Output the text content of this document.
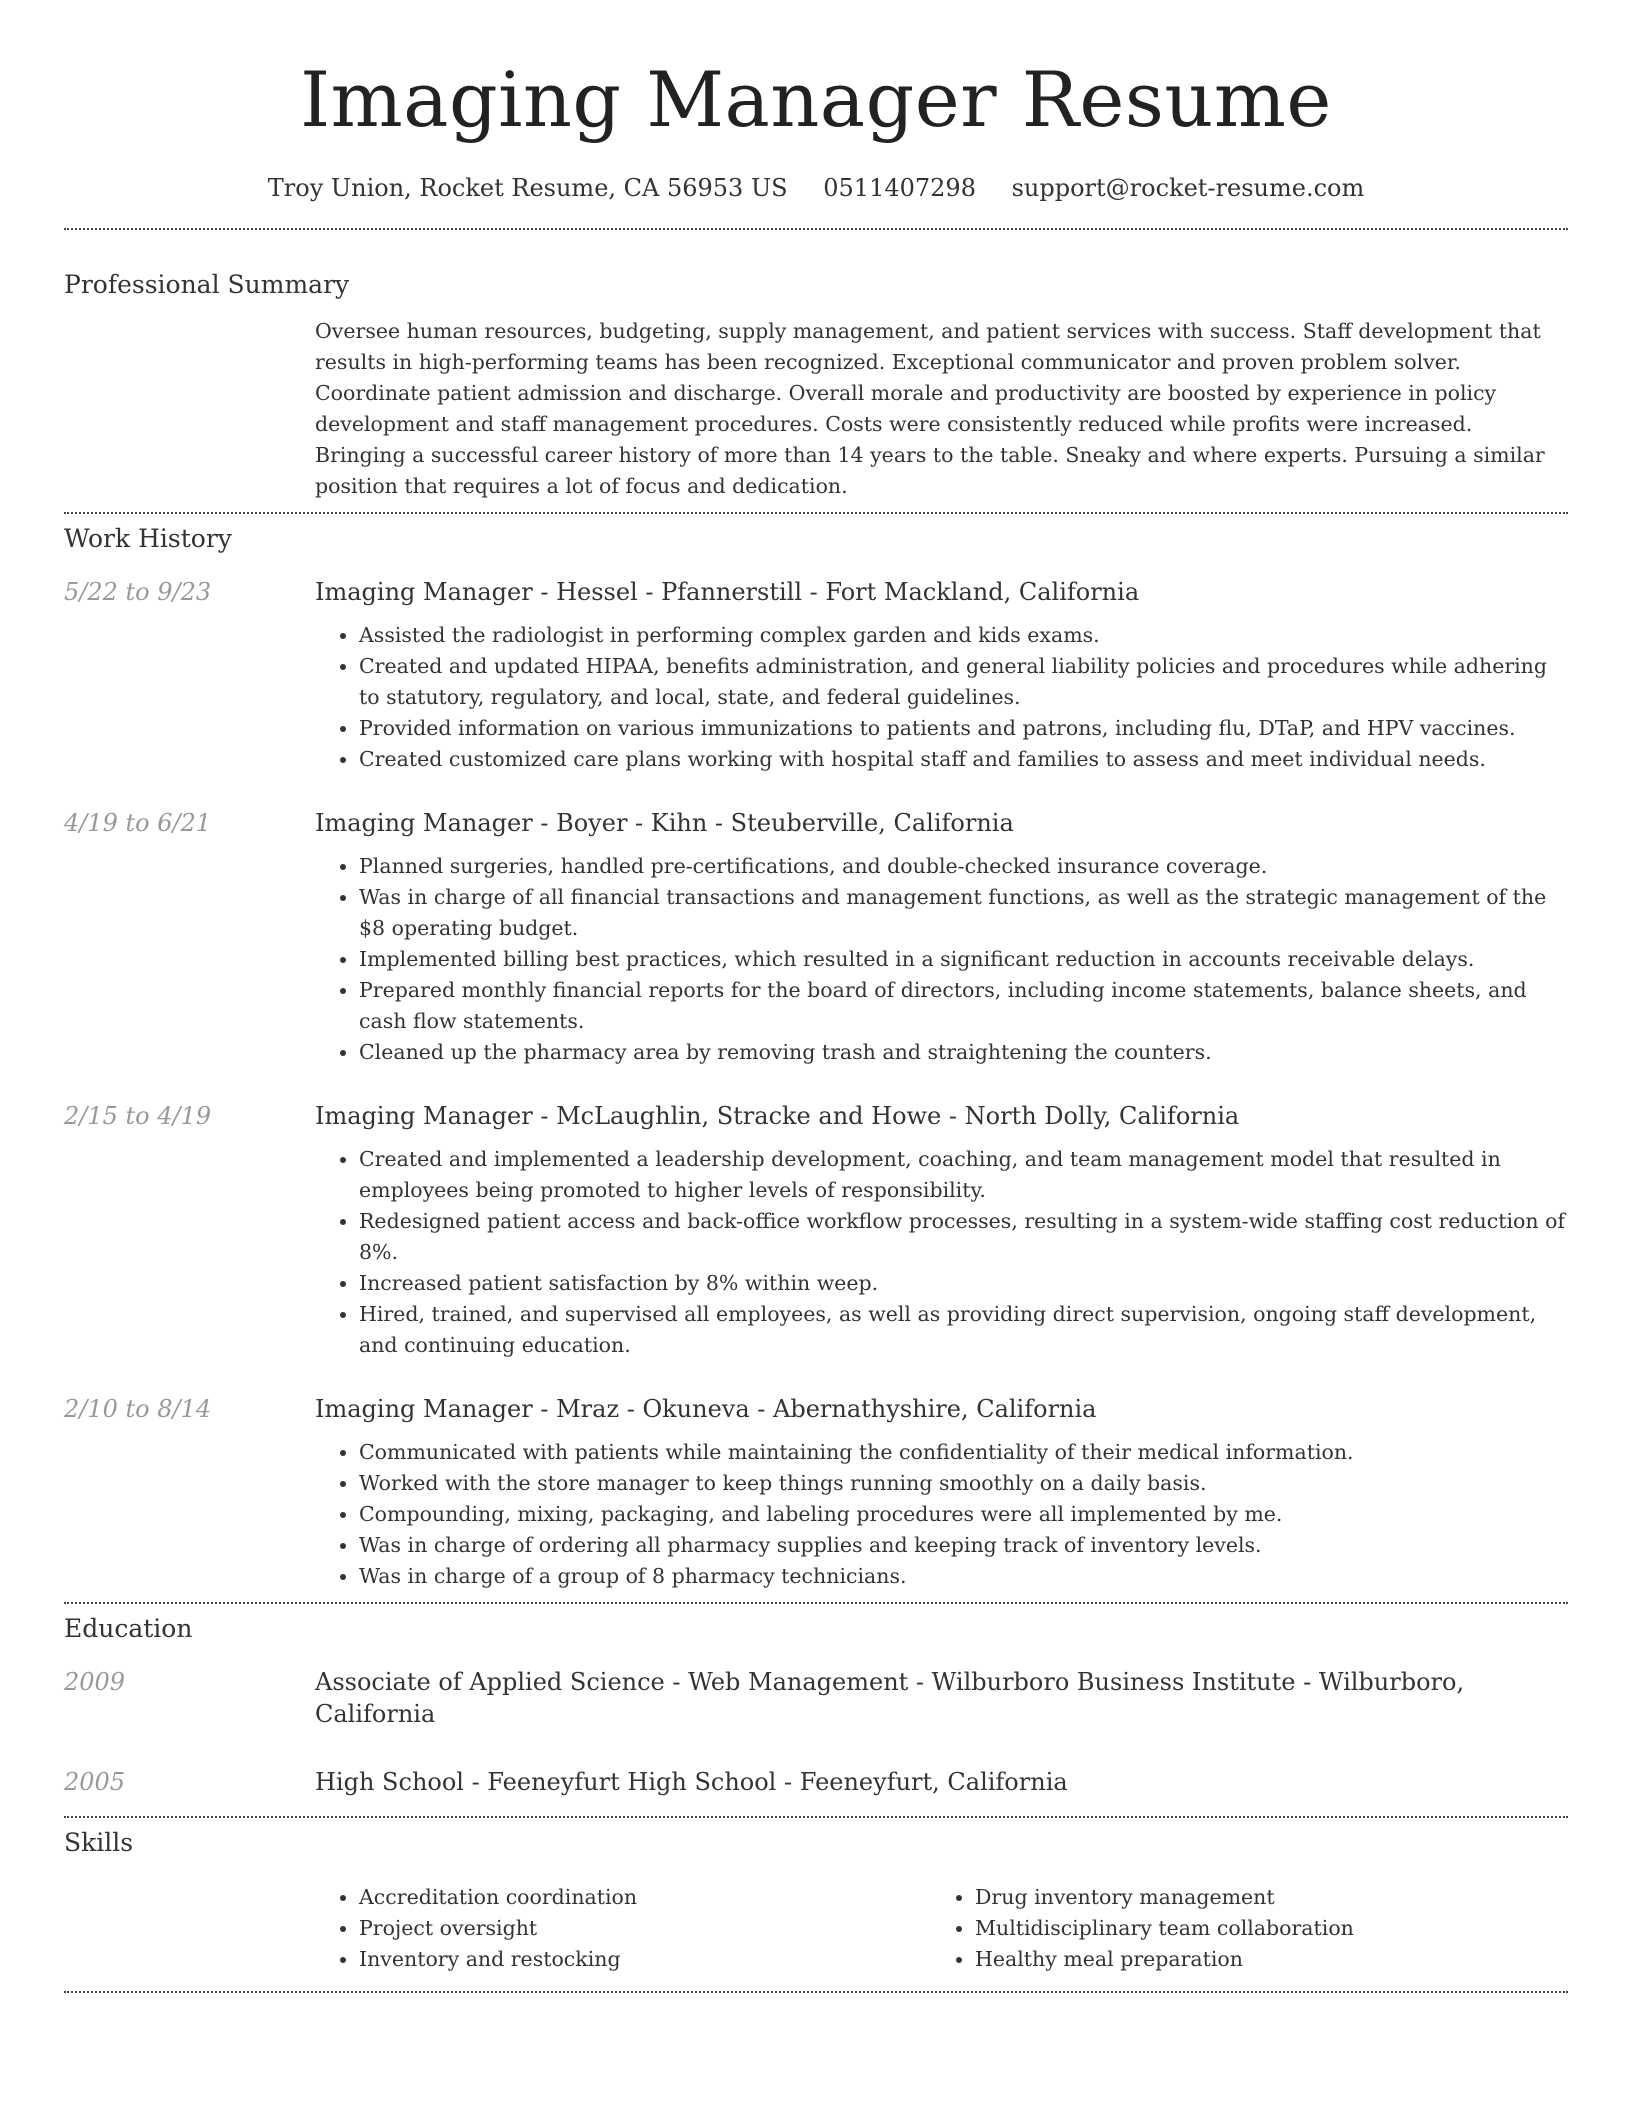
Imaging Manager Resume
Troy Union, Rocket Resume, CA 56953 US 0511407298 support@rocket-resume.com
Professional Summary

Oversee human resources, budgeting, supply management, and patient services with success. Staff development that results in high-performing teams has been recognized. Exceptional communicator and proven problem solver. Coordinate patient admission and discharge. Overall morale and productivity are boosted by experience in policy development and staff management procedures. Costs were consistently reduced while profits were increased. Bringing a successful career history of more than 14 years to the table. Sneaky and where experts. Pursuing a similar position that requires a lot of focus and dedication.

Work History
5/22 to 9/23	Imaging Manager - Hessel - Pfannerstill - Fort Mackland, California
• Assisted the radiologist in performing complex garden and kids exams.
• Created and updated HIPAA, benefits administration, and general liability policies and procedures while adhering to statutory, regulatory, and local, state, and federal guidelines.
• Provided information on various immunizations to patients and patrons, including flu, DTaP, and HPV vaccines.
• Created customized care plans working with hospital staff and families to assess and meet individual needs.
4/19 to 6/21	Imaging Manager - Boyer - Kihn - Steuberville, California
• Planned surgeries, handled pre-certifications, and double-checked insurance coverage.
• Was in charge of all financial transactions and management functions, as well as the strategic management of the $8 operating budget.
• Implemented billing best practices, which resulted in a significant reduction in accounts receivable delays.
• Prepared monthly financial reports for the board of directors, including income statements, balance sheets, and cash flow statements.
• Cleaned up the pharmacy area by removing trash and straightening the counters.
2/15 to 4/19	Imaging Manager - McLaughlin, Stracke and Howe - North Dolly, California
• Created and implemented a leadership development, coaching, and team management model that resulted in employees being promoted to higher levels of responsibility.
• Redesigned patient access and back-office workflow processes, resulting in a system-wide staffing cost reduction of 8%.
• Increased patient satisfaction by 8% within weep.
• Hired, trained, and supervised all employees, as well as providing direct supervision, ongoing staff development, and continuing education.
2/10 to 8/14	Imaging Manager - Mraz - Okuneva - Abernathyshire, California
• Communicated with patients while maintaining the confidentiality of their medical information.
• Worked with the store manager to keep things running smoothly on a daily basis.
• Compounding, mixing, packaging, and labeling procedures were all implemented by me.
• Was in charge of ordering all pharmacy supplies and keeping track of inventory levels.
• Was in charge of a group of 8 pharmacy technicians.
Education
2009	Associate of Applied Science - Web Management - Wilburboro Business Institute - Wilburboro, California
2005	High School - Feeneyfurt High School - Feeneyfurt, California
Skills
• Accreditation coordination
• Project oversight
• Inventory and restocking
• Drug inventory management
• Multidisciplinary team collaboration
• Healthy meal preparation
